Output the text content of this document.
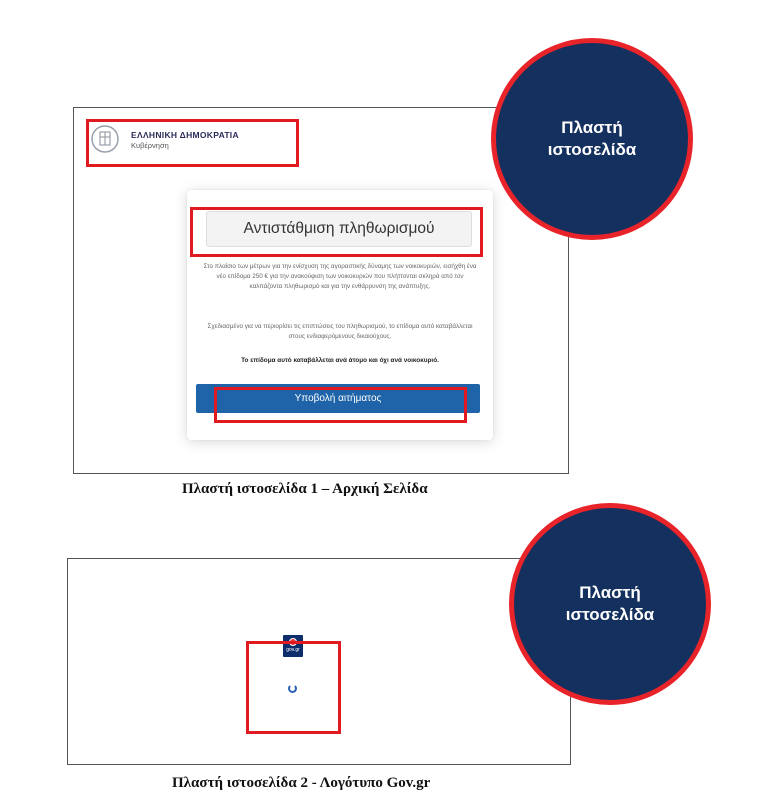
ΕΛΛΗΝΙΚΗ ΔΗΜΟΚΡΑΤΙΑ
Κυβέρνηση
Αντιστάθμιση πληθωρισμού
Στο πλαίσιο των μέτρων για την ενίσχυση της αγοραστικής δύναμης των νοικοκυριών, εισήχθη ένα νέο επίδομα 250 € για την ανακούφιση των νοικοκυριών που πλήττονται σκληρά από τον καλπάζοντα πληθωρισμό και για την ενθάρρυνση της ανάπτυξης.
Σχεδιασμένο για να περιορίσει τις επιπτώσεις του πληθωρισμού, το επίδομα αυτό καταβάλλεται στους ενδιαφερόμενους δικαιούχους.
Το επίδομα αυτό καταβάλλεται ανά άτομο και όχι ανά νοικοκυριό.
Υποβολή αιτήματος
Πλαστή ιστοσελίδα 1 – Αρχική Σελίδα
Πλαστή
ιστοσελίδα
gov.gr
Πλαστή ιστοσελίδα 2 - Λογότυπο Gov.gr
Πλαστή
ιστοσελίδα
